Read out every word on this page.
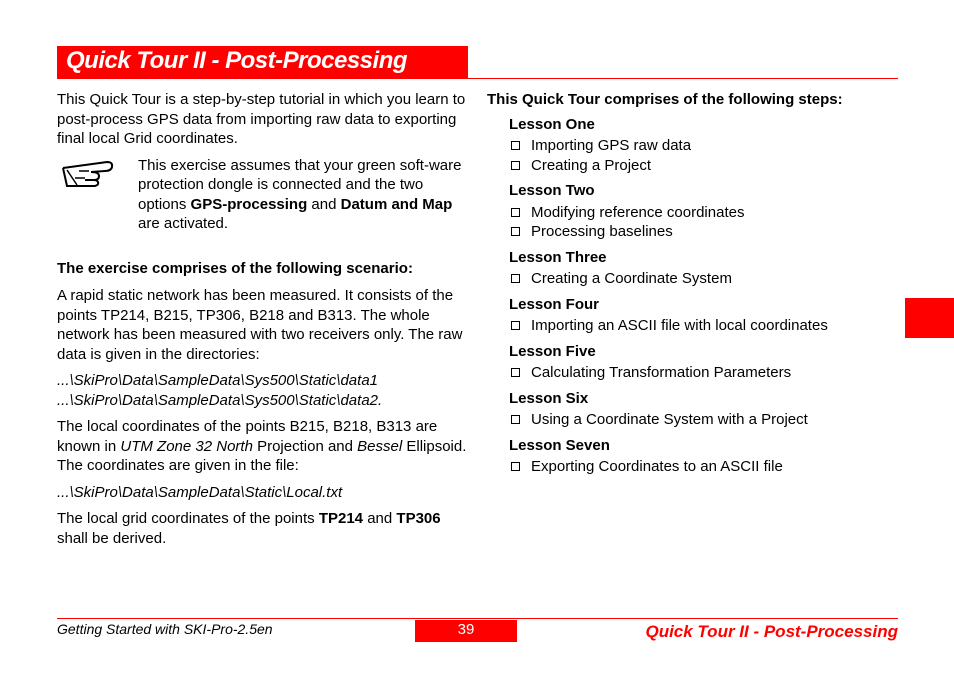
Quick Tour II - Post-Processing

This Quick Tour is a step-by-step tutorial in which you learn to post-process GPS data from importing raw data to exporting final local Grid coordinates.

This exercise assumes that your green soft-ware protection dongle is connected and the two options GPS-processing and Datum and Map are activated.

The exercise comprises of the following scenario:

A rapid static network has been measured. It consists of the points TP214, B215, TP306, B218 and B313. The whole network has been measured with two receivers only. The raw data is given in the directories:

...\SkiPro\Data\SampleData\Sys500\Static\data1

...\SkiPro\Data\SampleData\Sys500\Static\data2.

The local coordinates of the points B215, B218, B313 are known in UTM Zone 32 North Projection and Bessel Ellipsoid. The coordinates are given in the file:

...\SkiPro\Data\SampleData\Static\Local.txt

The local grid coordinates of the points TP214 and TP306 shall be derived.

This Quick Tour comprises of the following steps:

Lesson One

Importing GPS raw data
Creating a Project

Lesson Two

Modifying reference coordinates
Processing baselines

Lesson Three

Creating a Coordinate System

Lesson Four

Importing an ASCII file with local coordinates

Lesson Five

Calculating Transformation Parameters

Lesson Six

Using a Coordinate System with a Project

Lesson Seven

Exporting Coordinates to an ASCII file
Getting Started with SKI-Pro-2.5en	39	Quick Tour II - Post-Processing
